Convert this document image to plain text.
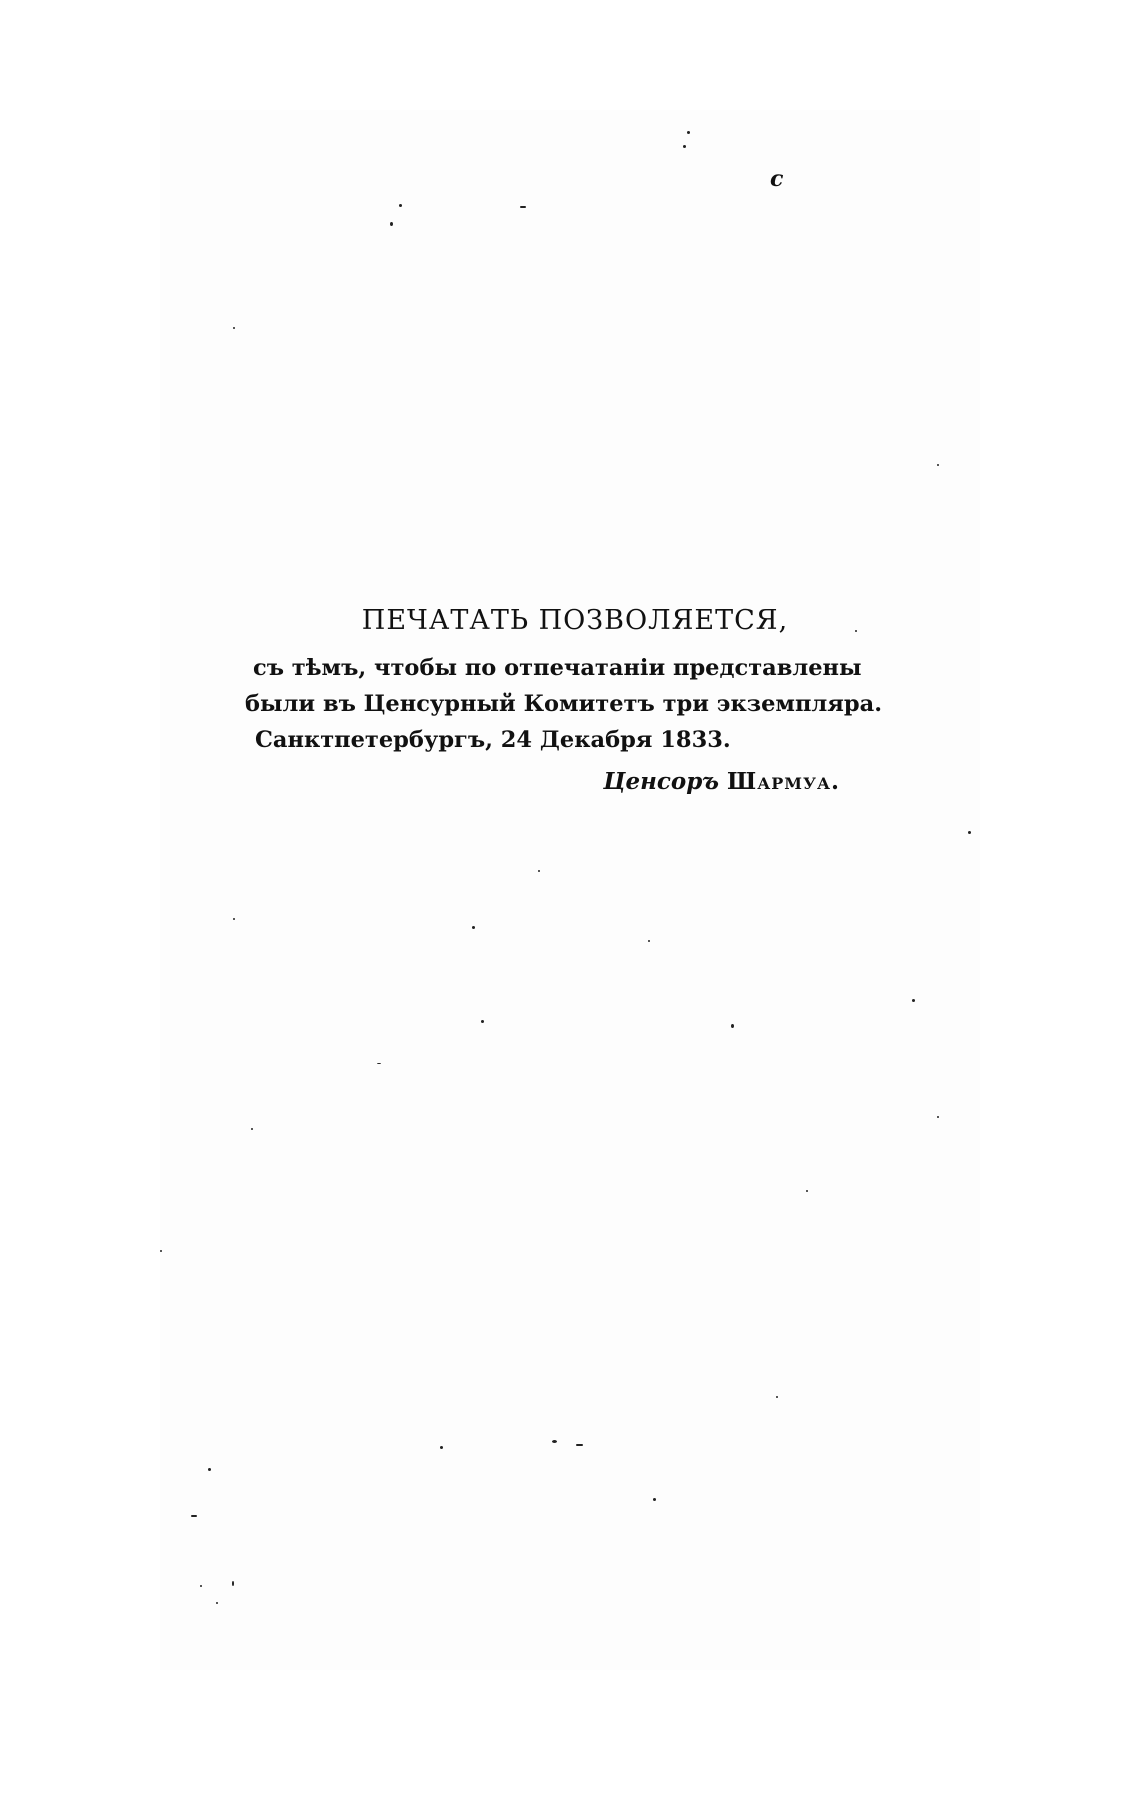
c
ПЕЧАТАТЬ ПОЗВОЛЯЕТСЯ,

съ тѣмъ, чтобы по отпечатаніи представлены

были въ Ценсурный Комитетъ три экземпляра.

Санктпетербургъ, 24 Декабря 1833.

Ценсоръ Шармуа.
